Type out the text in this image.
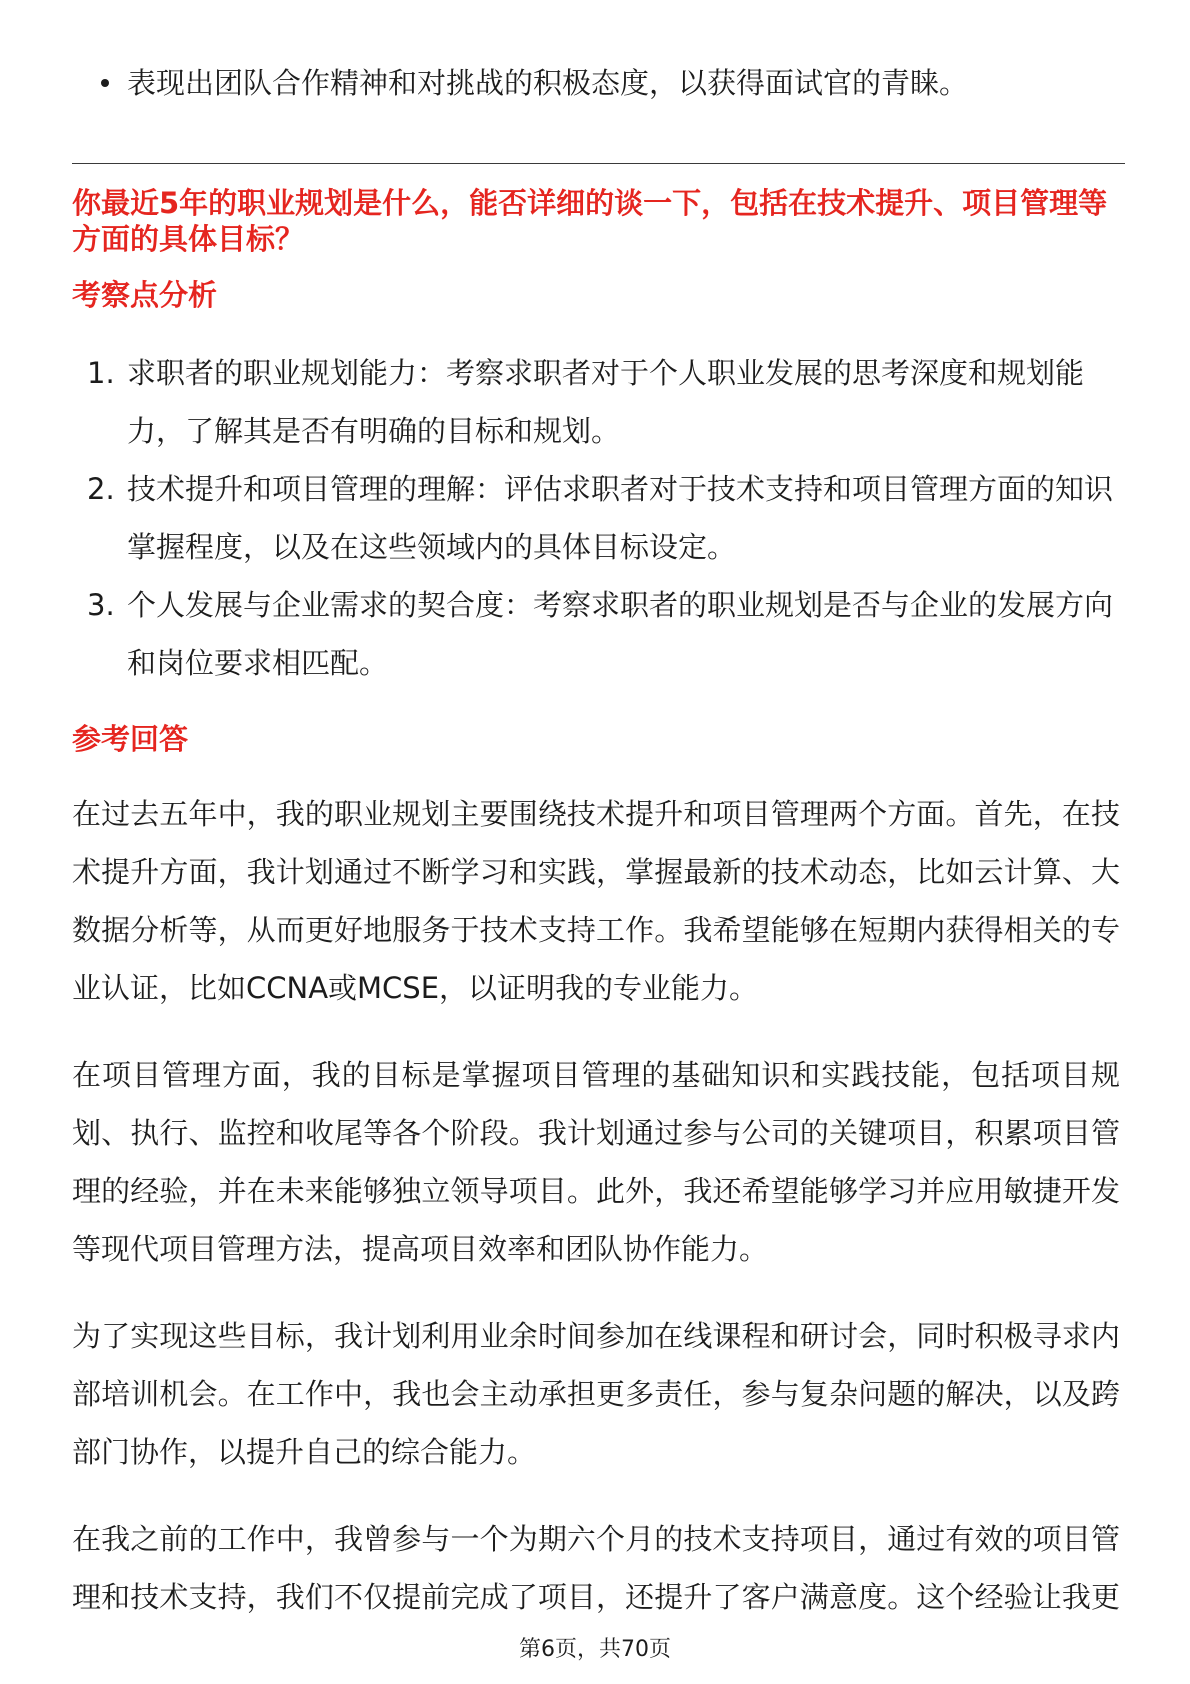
表现出团队合作精神和对挑战的积极态度，以获得面试官的青睐。
你最近5年的职业规划是什么，能否详细的谈一下，包括在技术提升、项目管理等
方面的具体目标？
考察点分析
1. 求职者的职业规划能力：考察求职者对于个人职业发展的思考深度和规划能
力，了解其是否有明确的目标和规划。
2. 技术提升和项目管理的理解：评估求职者对于技术支持和项目管理方面的知识
掌握程度，以及在这些领域内的具体目标设定。
3. 个人发展与企业需求的契合度：考察求职者的职业规划是否与企业的发展方向
和岗位要求相匹配。
参考回答
在过去五年中，我的职业规划主要围绕技术提升和项目管理两个方面。首先，在技
术提升方面，我计划通过不断学习和实践，掌握最新的技术动态，比如云计算、大
数据分析等，从而更好地服务于技术支持工作。我希望能够在短期内获得相关的专
业认证，比如CCNA或MCSE，以证明我的专业能力。
在项目管理方面，我的目标是掌握项目管理的基础知识和实践技能，包括项目规
划、执行、监控和收尾等各个阶段。我计划通过参与公司的关键项目，积累项目管
理的经验，并在未来能够独立领导项目。此外，我还希望能够学习并应用敏捷开发
等现代项目管理方法，提高项目效率和团队协作能力。
为了实现这些目标，我计划利用业余时间参加在线课程和研讨会，同时积极寻求内
部培训机会。在工作中，我也会主动承担更多责任，参与复杂问题的解决，以及跨
部门协作，以提升自己的综合能力。
在我之前的工作中，我曾参与一个为期六个月的技术支持项目，通过有效的项目管
理和技术支持，我们不仅提前完成了项目，还提升了客户满意度。这个经验让我更
第6页，共70页
